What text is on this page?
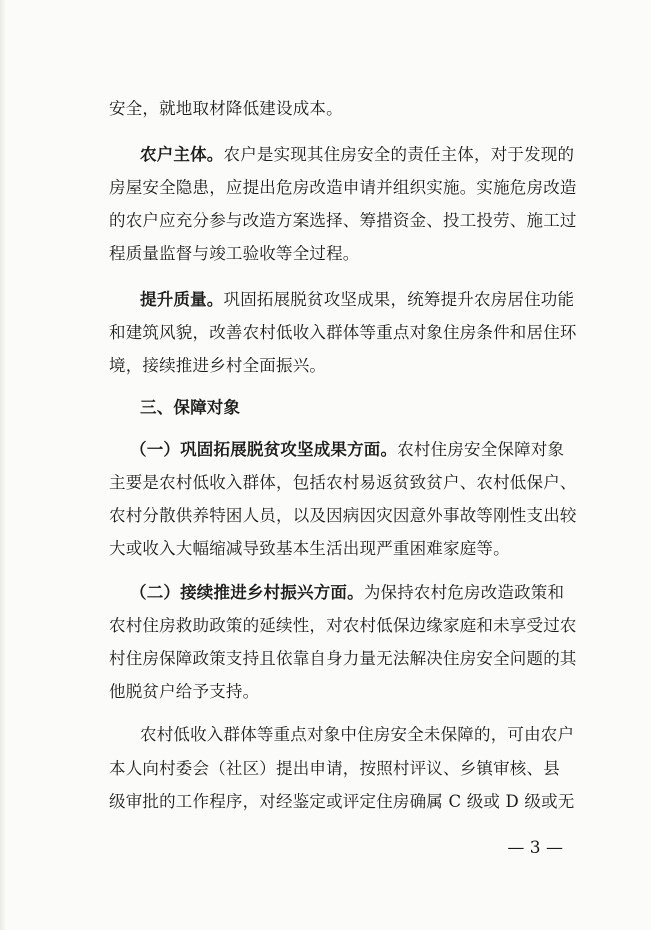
安全，就地取材降低建设成本。
农户主体。农户是实现其住房安全的责任主体，对于发现的
房屋安全隐患，应提出危房改造申请并组织实施。实施危房改造
的农户应充分参与改造方案选择、筹措资金、投工投劳、施工过
程质量监督与竣工验收等全过程。
提升质量。巩固拓展脱贫攻坚成果，统筹提升农房居住功能
和建筑风貌，改善农村低收入群体等重点对象住房条件和居住环
境，接续推进乡村全面振兴。
三、保障对象
（一）巩固拓展脱贫攻坚成果方面。农村住房安全保障对象
主要是农村低收入群体，包括农村易返贫致贫户、农村低保户、
农村分散供养特困人员，以及因病因灾因意外事故等刚性支出较
大或收入大幅缩减导致基本生活出现严重困难家庭等。
（二）接续推进乡村振兴方面。为保持农村危房改造政策和
农村住房救助政策的延续性，对农村低保边缘家庭和未享受过农
村住房保障政策支持且依靠自身力量无法解决住房安全问题的其
他脱贫户给予支持。
农村低收入群体等重点对象中住房安全未保障的，可由农户
本人向村委会（社区）提出申请，按照村评议、乡镇审核、县
级审批的工作程序，对经鉴定或评定住房确属 C 级或 D 级或无
— 3 —
